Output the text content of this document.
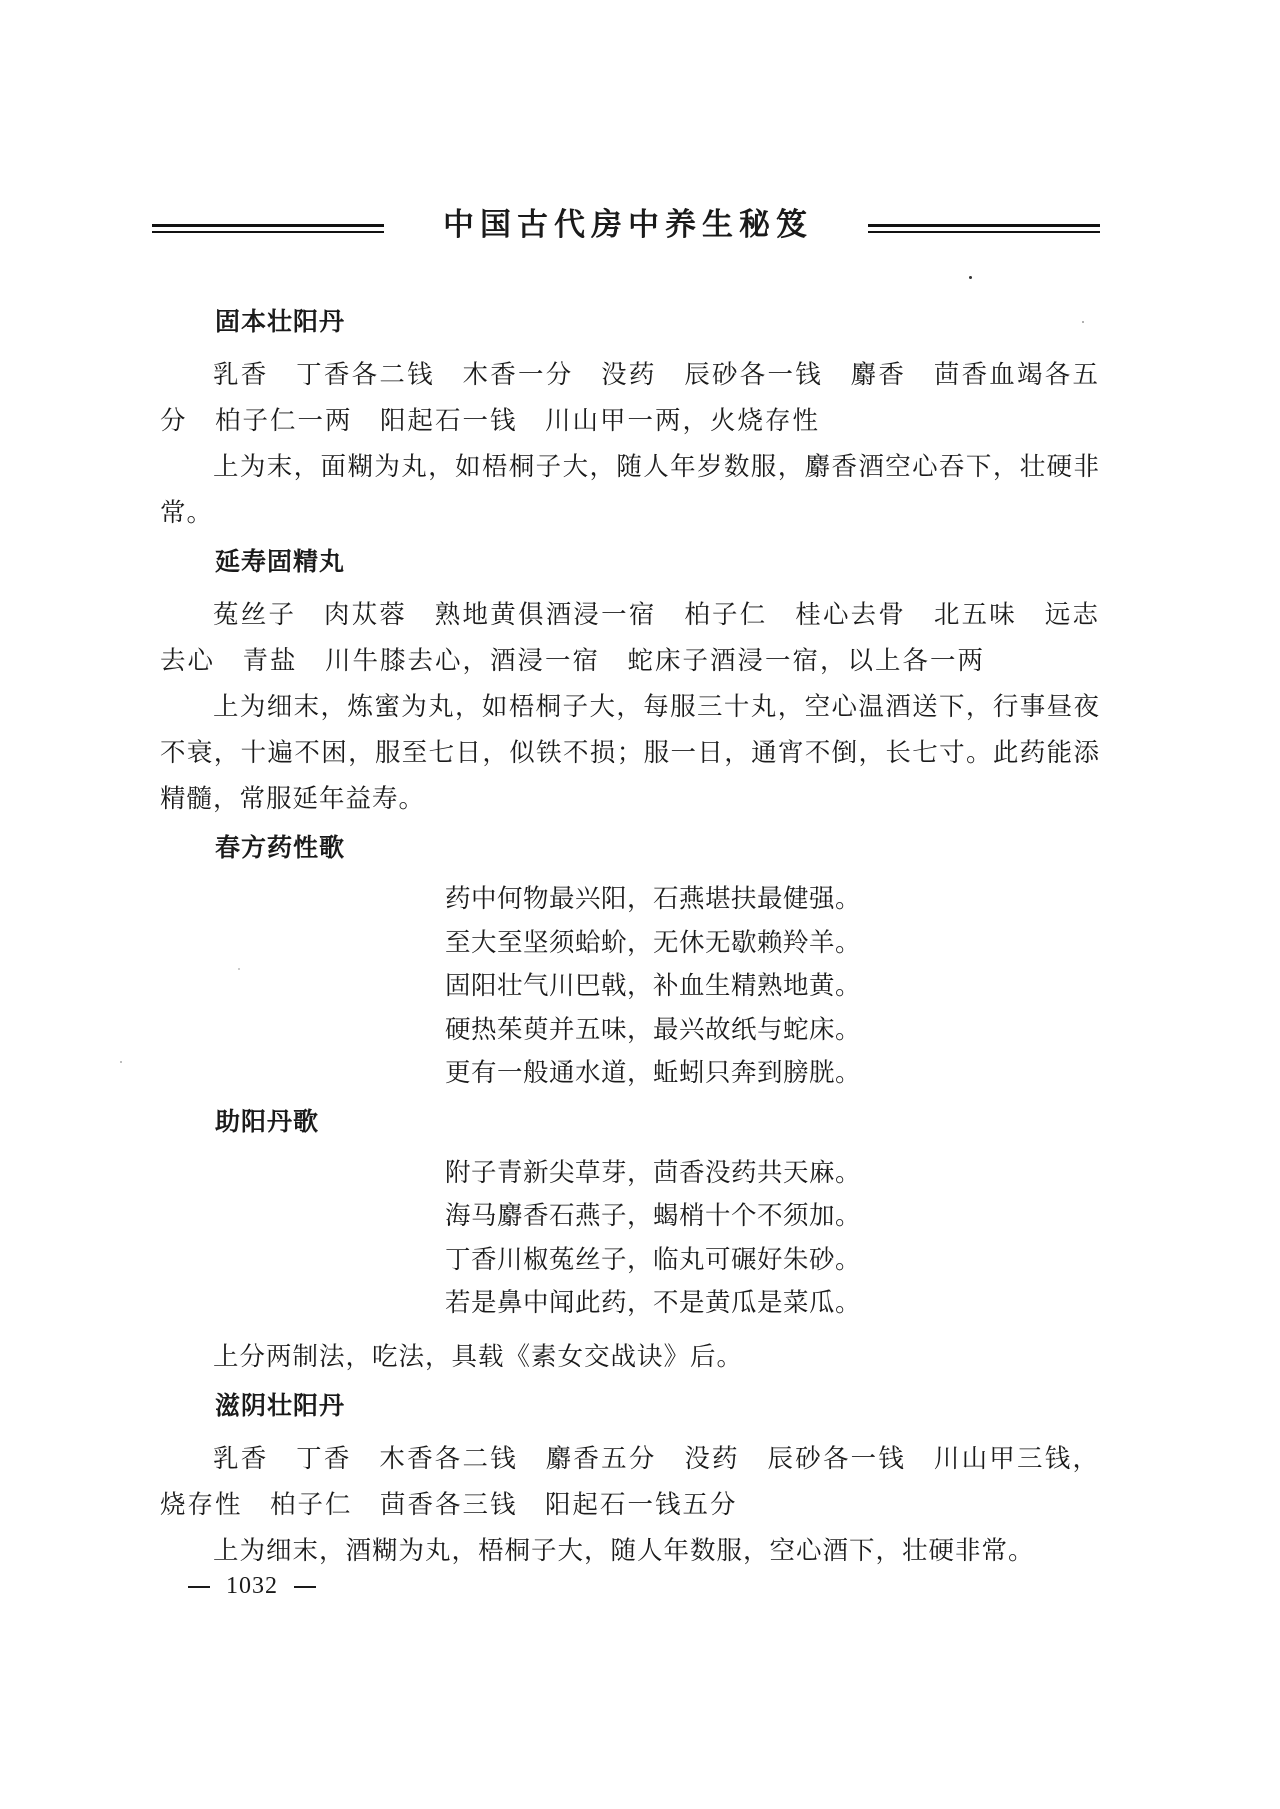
中国古代房中养生秘笈
固本壮阳丹

乳香　丁香各二钱　木香一分　没药　辰砂各一钱　麝香　茴香血竭各五分　柏子仁一两　阳起石一钱　川山甲一两，火烧存性

上为末，面糊为丸，如梧桐子大，随人年岁数服，麝香酒空心吞下，壮硬非常。

延寿固精丸

菟丝子　肉苁蓉　熟地黄俱酒浸一宿　柏子仁　桂心去骨　北五味　远志去心　青盐　川牛膝去心，酒浸一宿　蛇床子酒浸一宿，以上各一两

上为细末，炼蜜为丸，如梧桐子大，每服三十丸，空心温酒送下，行事昼夜不衰，十遍不困，服至七日，似铁不损；服一日，通宵不倒，长七寸。此药能添精髓，常服延年益寿。

春方药性歌
药中何物最兴阳，石燕堪扶最健强。
至大至坚须蛤蚧，无休无歇赖羚羊。
固阳壮气川巴戟，补血生精熟地黄。
硬热茱萸并五味，最兴故纸与蛇床。
更有一般通水道，蚯蚓只奔到膀胱。
助阳丹歌
附子青新尖草芽，茴香没药共天麻。
海马麝香石燕子，蝎梢十个不须加。
丁香川椒菟丝子，临丸可碾好朱砂。
若是鼻中闻此药，不是黄瓜是菜瓜。

上分两制法，吃法，具载《素女交战诀》后。

滋阴壮阳丹

乳香　丁香　木香各二钱　麝香五分　没药　辰砂各一钱　川山甲三钱，烧存性　柏子仁　茴香各三钱　阳起石一钱五分

上为细末，酒糊为丸，梧桐子大，随人年数服，空心酒下，壮硬非常。

1032
